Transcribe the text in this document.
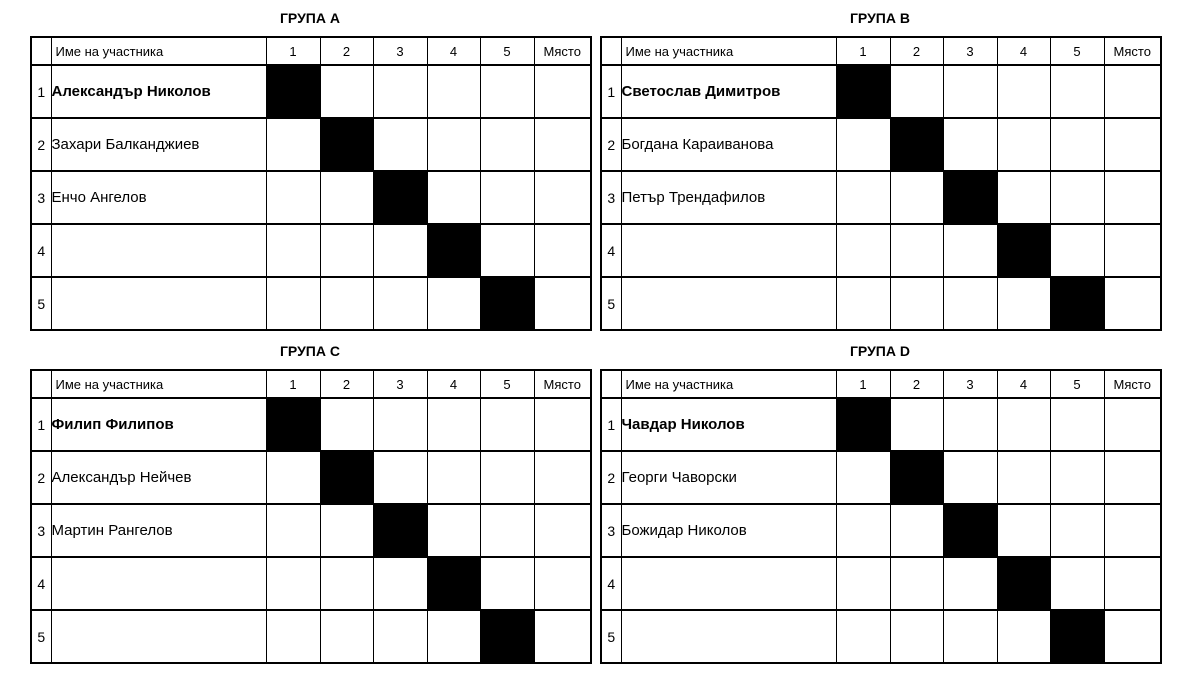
ГРУПА А
	Име на участника	1	2	3	4	5	Място
1	Александър Николов						
2	Захари Балканджиев						
3	Енчо Ангелов						
4							
5							
ГРУПА В
	Име на участника	1	2	3	4	5	Място
1	Светослав Димитров						
2	Богдана Караиванова						
3	Петър Трендафилов						
4							
5							
ГРУПА С
	Име на участника	1	2	3	4	5	Място
1	Филип Филипов						
2	Александър Нейчев						
3	Мартин Рангелов						
4							
5							
ГРУПА D
	Име на участника	1	2	3	4	5	Място
1	Чавдар Николов						
2	Георги Чаворски						
3	Божидар Николов						
4							
5							
